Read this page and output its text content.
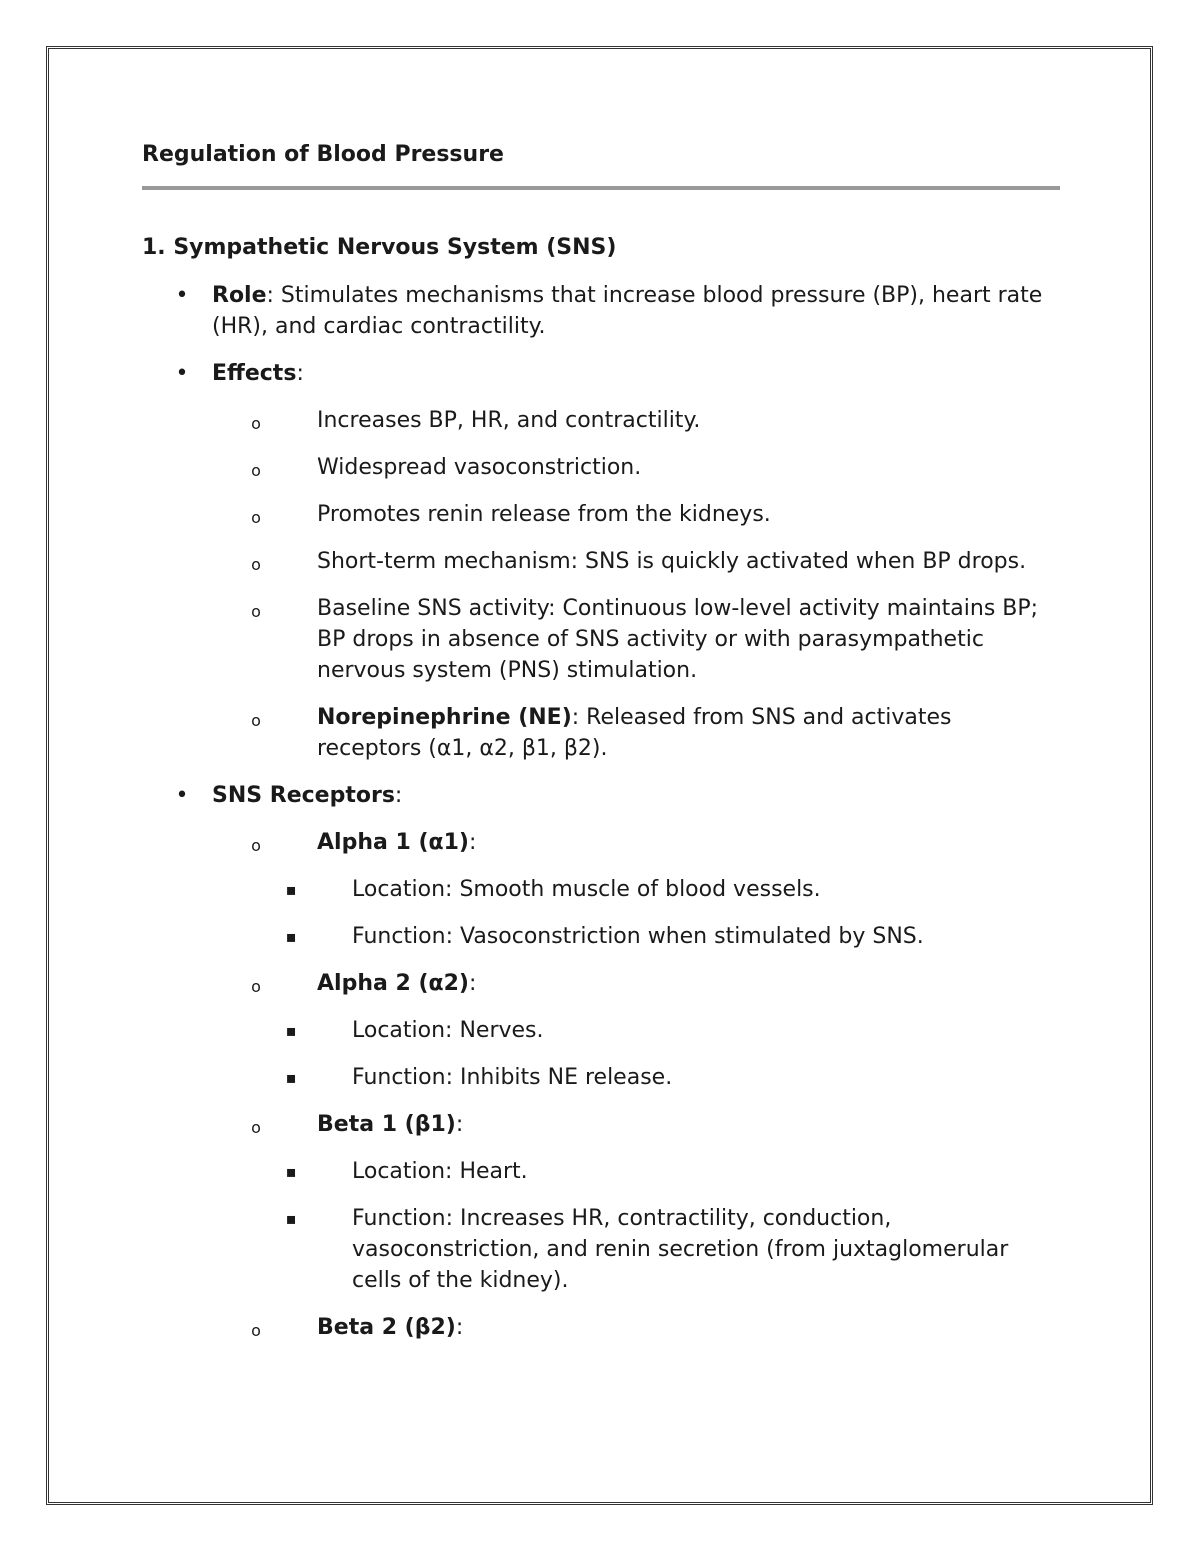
Regulation of Blood Pressure
1. Sympathetic Nervous System (SNS)
• Role: Stimulates mechanisms that increase blood pressure (BP), heart rate (HR), and cardiac contractility.
• Effects:
o	Increases BP, HR, and contractility.
o	Widespread vasoconstriction.
o	Promotes renin release from the kidneys.
o	Short-term mechanism: SNS is quickly activated when BP drops.
o	Baseline SNS activity: Continuous low-level activity maintains BP; BP drops in absence of SNS activity or with parasympathetic nervous system (PNS) stimulation.
o	Norepinephrine (NE): Released from SNS and activates receptors (α1, α2, β1, β2).
• SNS Receptors:
o	Alpha 1 (α1):
▪	Location: Smooth muscle of blood vessels.
▪	Function: Vasoconstriction when stimulated by SNS.
o	Alpha 2 (α2):
▪	Location: Nerves.
▪	Function: Inhibits NE release.
o	Beta 1 (β1):
▪	Location: Heart.
▪	Function: Increases HR, contractility, conduction, vasoconstriction, and renin secretion (from juxtaglomerular cells of the kidney).
o	Beta 2 (β2):
